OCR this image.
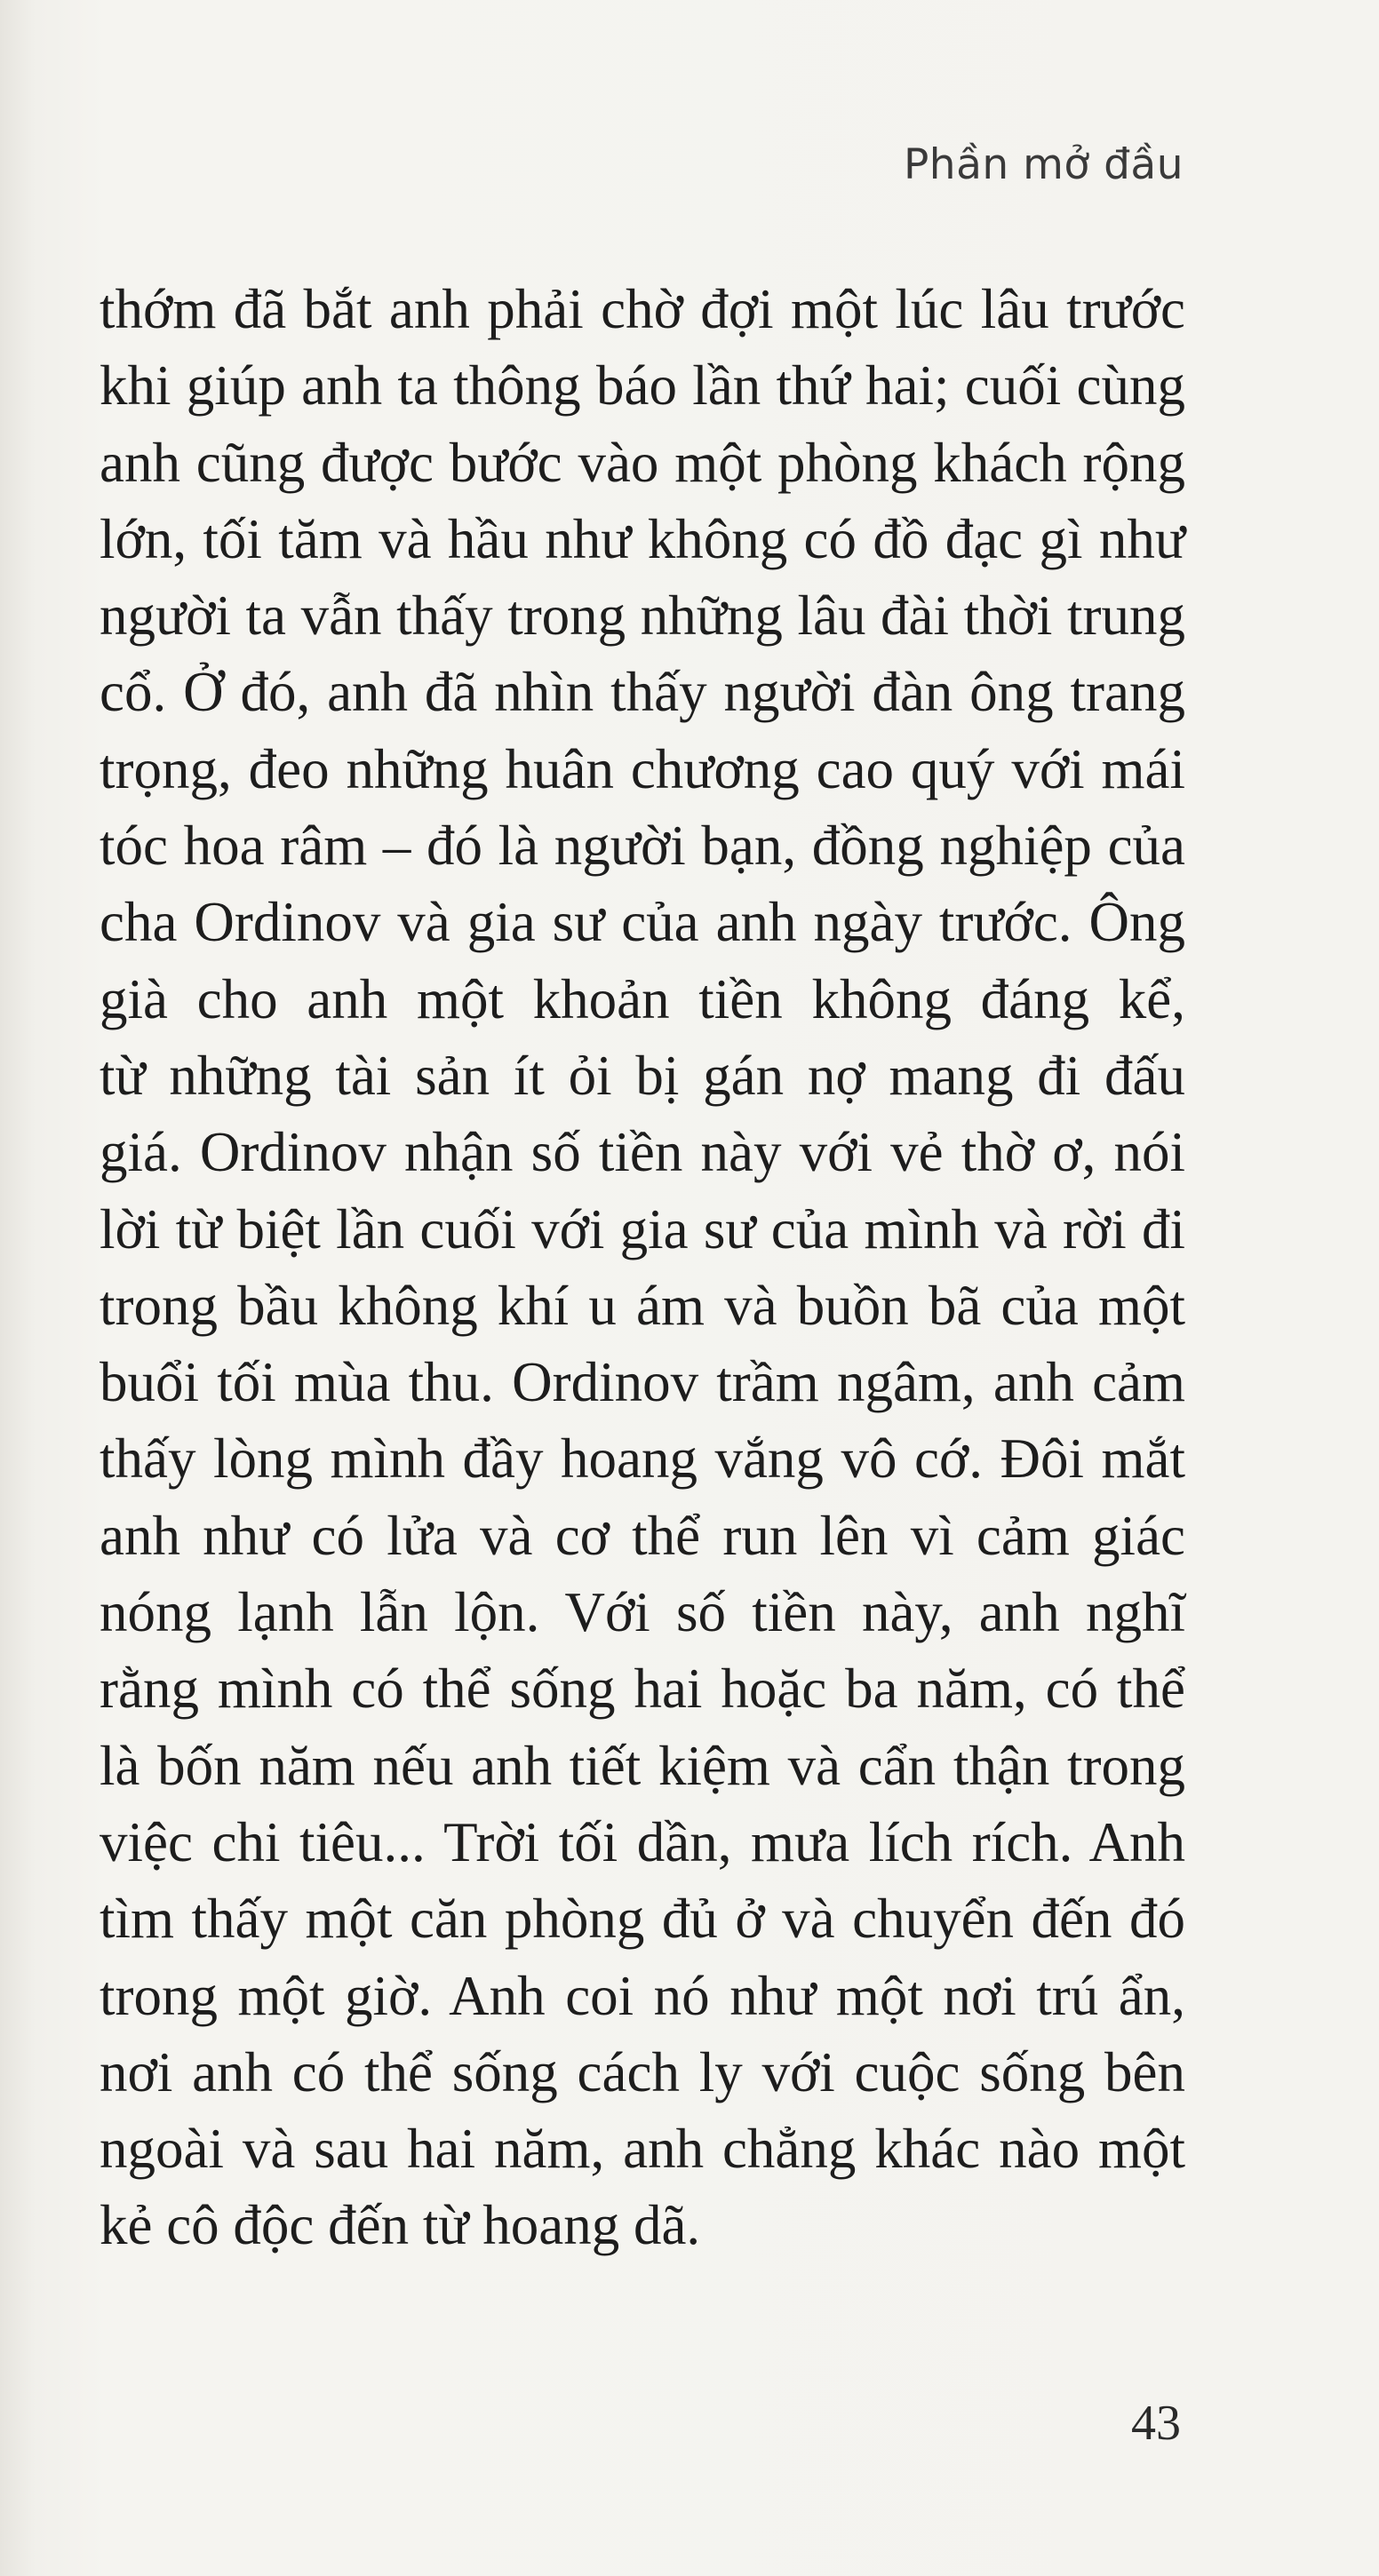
Phần mở đầu
thớm đã bắt anh phải chờ đợi một lúc lâu trước
khi giúp anh ta thông báo lần thứ hai; cuối cùng
anh cũng được bước vào một phòng khách rộng
lớn, tối tăm và hầu như không có đồ đạc gì như
người ta vẫn thấy trong những lâu đài thời trung
cổ. Ở đó, anh đã nhìn thấy người đàn ông trang
trọng, đeo những huân chương cao quý với mái
tóc hoa râm – đó là người bạn, đồng nghiệp của
cha Ordinov và gia sư của anh ngày trước. Ông
già cho anh một khoản tiền không đáng kể,
từ những tài sản ít ỏi bị gán nợ mang đi đấu
giá. Ordinov nhận số tiền này với vẻ thờ ơ, nói
lời từ biệt lần cuối với gia sư của mình và rời đi
trong bầu không khí u ám và buồn bã của một
buổi tối mùa thu. Ordinov trầm ngâm, anh cảm
thấy lòng mình đầy hoang vắng vô cớ. Đôi mắt
anh như có lửa và cơ thể run lên vì cảm giác
nóng lạnh lẫn lộn. Với số tiền này, anh nghĩ
rằng mình có thể sống hai hoặc ba năm, có thể
là bốn năm nếu anh tiết kiệm và cẩn thận trong
việc chi tiêu... Trời tối dần, mưa lích rích. Anh
tìm thấy một căn phòng đủ ở và chuyển đến đó
trong một giờ. Anh coi nó như một nơi trú ẩn,
nơi anh có thể sống cách ly với cuộc sống bên
ngoài và sau hai năm, anh chẳng khác nào một
kẻ cô độc đến từ hoang dã.
43
